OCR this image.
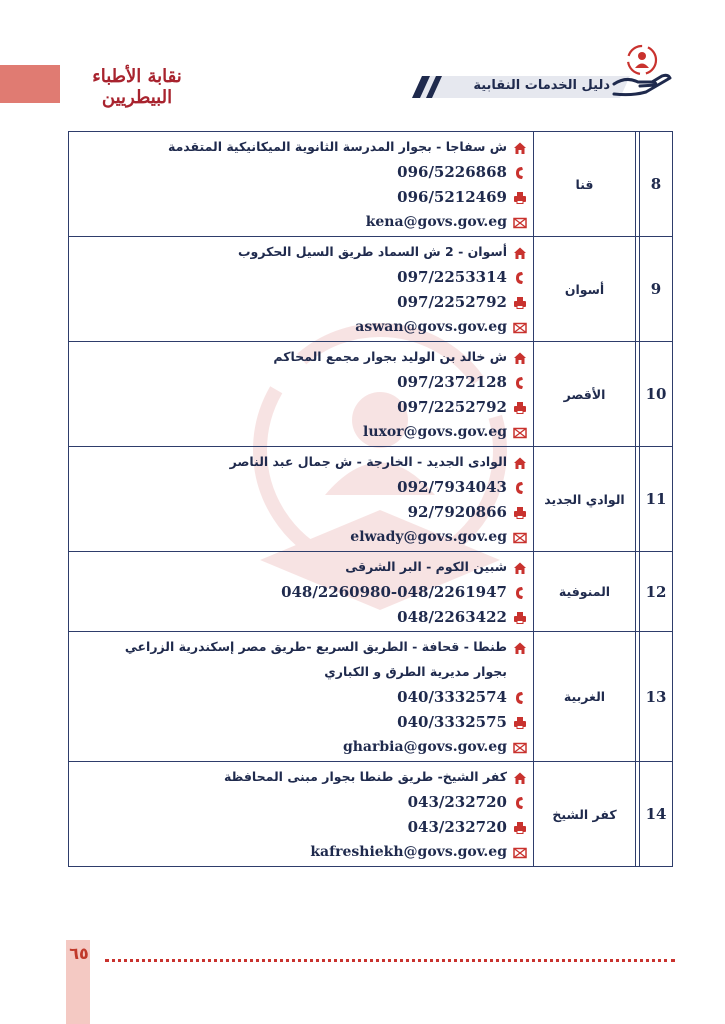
نقابة الأطباء البيطريين
دليل الخدمات النقابية
8		قنا	ش سفاجا - بجوار المدرسة الثانوية الميكانيكية المتقدمة
096/5226868
096/5212469
kena@govs.gov.eg

9		أسوان	أسوان - 2 ش السماد طريق السيل الحكروب
097/2253314
097/2252792
aswan@govs.gov.eg

10		الأقصر	ش خالد بن الوليد بجوار مجمع المحاكم
097/2372128
097/2252792
luxor@govs.gov.eg

11		الوادي الجديد	الوادى الجديد - الخارجة - ش جمال عبد الناصر
092/7934043
92/7920866
elwady@govs.gov.eg

12		المنوفية	شبين الكوم - البر الشرقى
048/2260980-048/2261947
048/2263422

13		الغربية	طنطا - قحافة - الطريق السريع -طريق مصر إسكندرية الزراعي
بجوار مديرية الطرق و الكباري
040/3332574
040/3332575
gharbia@govs.gov.eg

14		كفر الشيخ	كفر الشيخ- طريق طنطا بجوار مبنى المحافظة
043/232720
043/232720
kafreshiekh@govs.gov.eg
٦٥
